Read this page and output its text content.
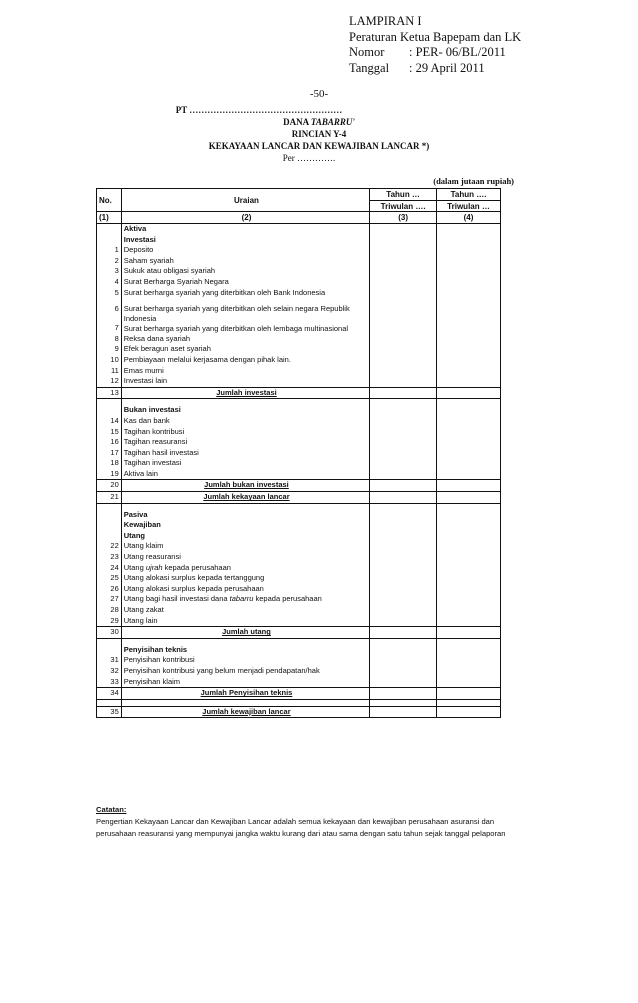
LAMPIRAN I
Peraturan Ketua Bapepam dan LK
Nomor : PER- 06/BL/2011
Tanggal : 29 April 2011
-50-
PT ……………………………………………
DANA TABARRU'
RINCIAN Y-4
KEKAYAAN LANCAR DAN KEWAJIBAN LANCAR *)
Per ………….
(dalam jutaan rupiah)
No.	Uraian	Tahun …	Tahun ….
		Triwulan ….	Triwulan …
(1)	(2)	(3)	(4)
	Aktiva		
	Investasi		
1	Deposito		
2	Saham syariah		
3	Sukuk atau obligasi syariah		
4	Surat Berharga Syariah Negara		
5	Surat berharga syariah yang diterbitkan oleh Bank Indonesia		

6	Surat berharga syariah yang diterbitkan oleh selain negara Republik Indonesia		
7	Surat berharga syariah yang diterbitkan oleh lembaga multinasional		
8	Reksa dana syariah		
9	Efek beragun aset syariah		
10	Pembiayaan melalui kerjasama dengan pihak lain.		
11	Emas murni		
12	Investasi lain		
13	Jumlah investasi		

	Bukan investasi		
14	Kas dan bank		
15	Tagihan kontribusi		
16	Tagihan reasuransi		
17	Tagihan hasil investasi		
18	Tagihan investasi		
19	Aktiva lain		
20	Jumlah bukan investasi		
21	Jumlah kekayaan lancar		

	Pasiva		
	Kewajiban		
	Utang		
22	Utang klaim		
23	Utang reasuransi		
24	Utang ujrah kepada perusahaan		
25	Utang alokasi surplus kepada tertanggung		
26	Utang alokasi surplus kepada perusahaan		
27	Utang bagi hasil investasi dana tabarru kepada perusahaan		
28	Utang zakat		
29	Utang lain		
30	Jumlah utang		

	Penyisihan teknis		
31	Penyisihan kontribusi		
32	Penyisihan kontribusi yang belum menjadi pendapatan/hak		
33	Penyisihan klaim		
34	Jumlah Penyisihan teknis		

35	Jumlah kewajiban lancar		
Catatan:
Pengertian Kekayaan Lancar dan Kewajiban Lancar adalah semua kekayaan dan kewajiban perusahaan asuransi dan perusahaan reasuransi yang mempunyai jangka waktu kurang dari atau sama dengan satu tahun sejak tanggal pelaporan
